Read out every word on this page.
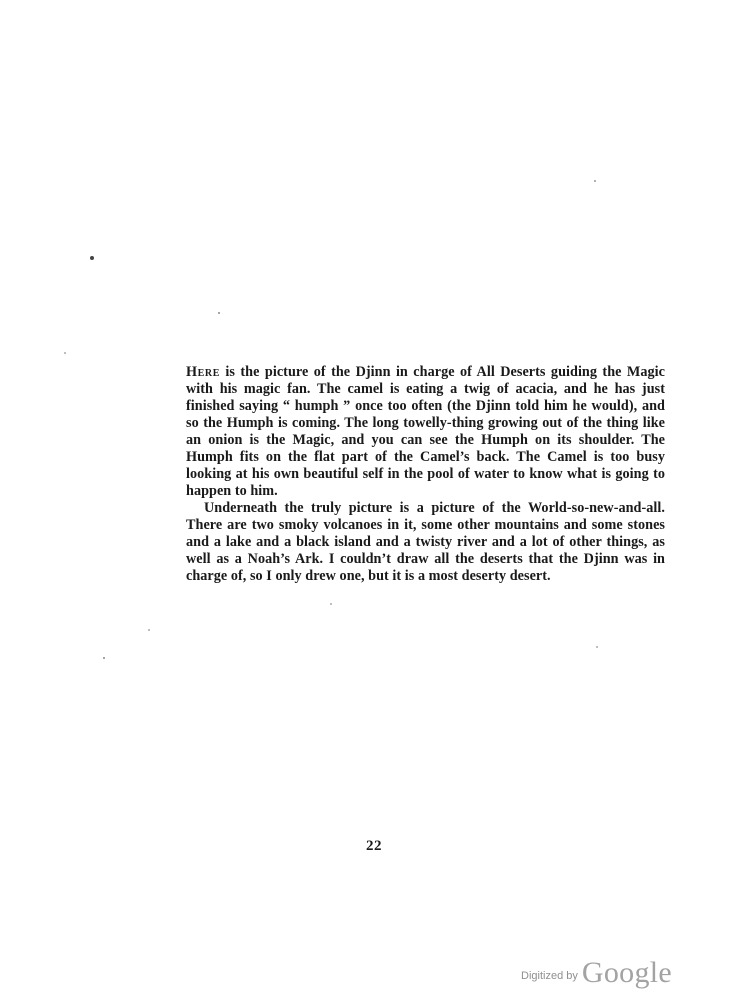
Here is the picture of the Djinn in charge of All Deserts guiding the Magic with his magic fan. The camel is eating a twig of acacia, and he has just finished saying “ humph ” once too often (the Djinn told him he would), and so the Humph is coming. The long towelly-thing growing out of the thing like an onion is the Magic, and you can see the Humph on its shoulder. The Humph fits on the flat part of the Camel’s back. The Camel is too busy looking at his own beautiful self in the pool of water to know what is going to happen to him.

Underneath the truly picture is a picture of the World-so-new-and-all. There are two smoky volcanoes in it, some other mountains and some stones and a lake and a black island and a twisty river and a lot of other things, as well as a Noah’s Ark. I couldn’t draw all the deserts that the Djinn was in charge of, so I only drew one, but it is a most deserty desert.

22
Digitized by Google
